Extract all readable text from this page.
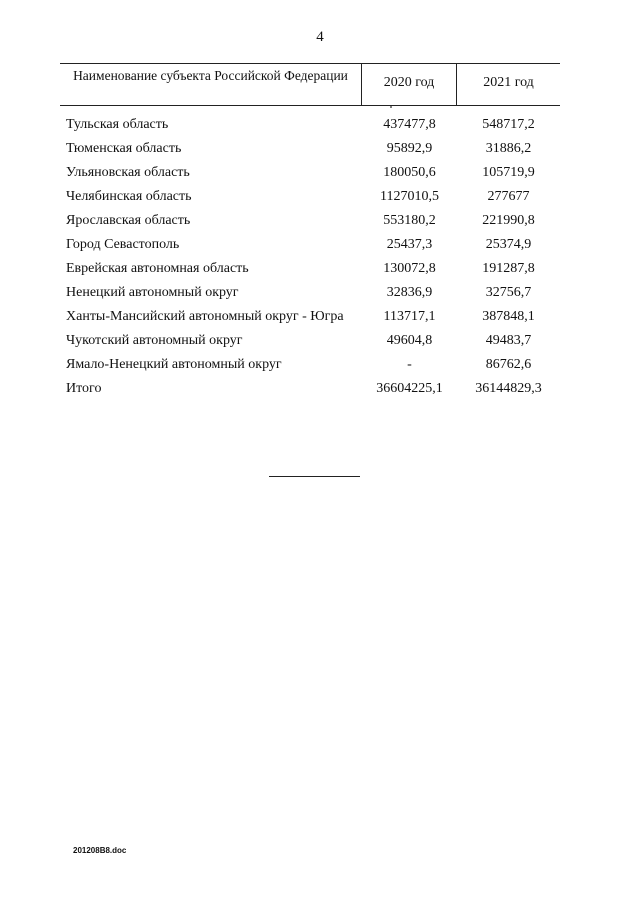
4
Наименование субъекта Российской Федерации	2020 год	2021 год
Тульская область	437477,8	548717,2
Тюменская область	95892,9	31886,2
Ульяновская область	180050,6	105719,9
Челябинская область	1127010,5	277677
Ярославская область	553180,2	221990,8
Город Севастополь	25437,3	25374,9
Еврейская автономная область	130072,8	191287,8
Ненецкий автономный округ	32836,9	32756,7
Ханты-Мансийский автономный округ - Югра	113717,1	387848,1
Чукотский автономный округ	49604,8	49483,7
Ямало-Ненецкий автономный округ	-	86762,6
Итого	36604225,1	36144829,3
201208B8.doc
